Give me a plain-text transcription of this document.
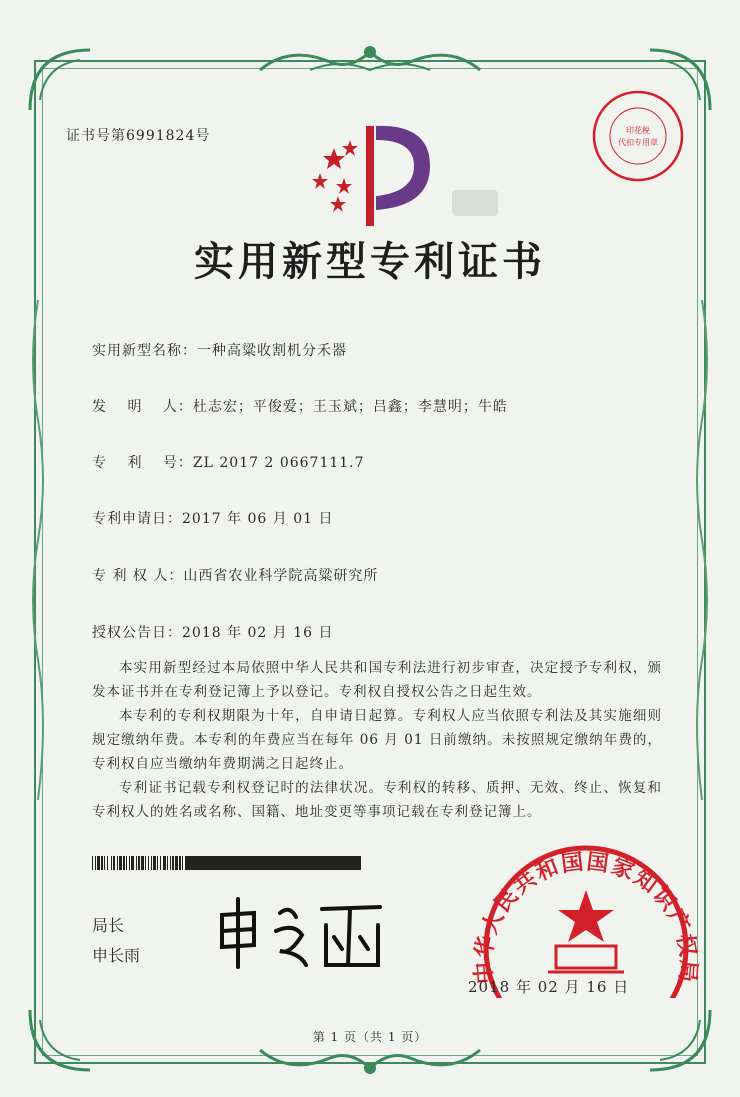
证书号第6991824号	印花税
代扣专用章
实用新型专利证书
实用新型名称：一种高粱收割机分禾器
发　 明　 人：杜志宏；平俊爱；王玉斌；吕鑫；李慧明；牛皓
专　 利　 号：ZL 2017 2 0667111.7
专利申请日：2017 年 06 月 01 日
专 利 权 人：山西省农业科学院高粱研究所
授权公告日：2018 年 02 月 16 日

本实用新型经过本局依照中华人民共和国专利法进行初步审查，决定授予专利权，颁发本证书并在专利登记簿上予以登记。专利权自授权公告之日起生效。

本专利的专利权期限为十年，自申请日起算。专利权人应当依照专利法及其实施细则规定缴纳年费。本专利的年费应当在每年 06 月 01 日前缴纳。未按照规定缴纳年费的，专利权自应当缴纳年费期满之日起终止。

专利证书记载专利权登记时的法律状况。专利权的转移、质押、无效、终止、恢复和专利权人的姓名或名称、国籍、地址变更等事项记载在专利登记簿上。

局长
申长雨
中华人民共和国国家知识产权局
2018 年 02 月 16 日
第 1 页（共 1 页）
